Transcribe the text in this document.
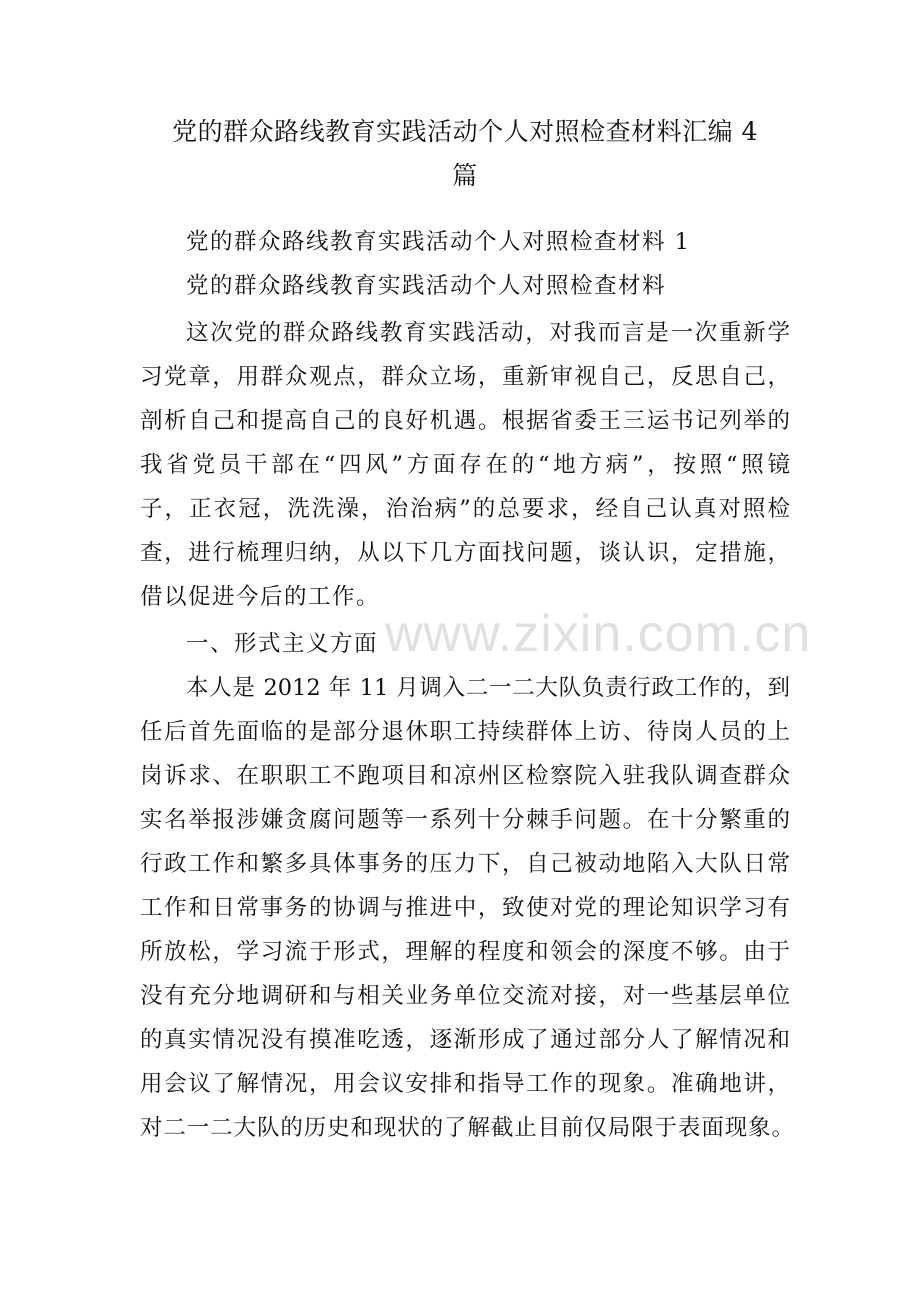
党的群众路线教育实践活动个人对照检查材料汇编 4
篇
党的群众路线教育实践活动个人对照检查材料 1
党的群众路线教育实践活动个人对照检查材料
这次党的群众路线教育实践活动，对我而言是一次重新学
习党章，用群众观点，群众立场，重新审视自己，反思自己，
剖析自己和提高自己的良好机遇。根据省委王三运书记列举的
我省党员干部在“四风”方面存在的“地方病”，按照“照镜
子，正衣冠，洗洗澡，治治病”的总要求，经自己认真对照检
查，进行梳理归纳，从以下几方面找问题，谈认识，定措施，
借以促进今后的工作。
一、形式主义方面
本人是 2012 年 11 月调入二一二大队负责行政工作的，到
任后首先面临的是部分退休职工持续群体上访、待岗人员的上
岗诉求、在职职工不跑项目和凉州区检察院入驻我队调查群众
实名举报涉嫌贪腐问题等一系列十分棘手问题。在十分繁重的
行政工作和繁多具体事务的压力下，自己被动地陷入大队日常
工作和日常事务的协调与推进中，致使对党的理论知识学习有
所放松，学习流于形式，理解的程度和领会的深度不够。由于
没有充分地调研和与相关业务单位交流对接，对一些基层单位
的真实情况没有摸准吃透，逐渐形成了通过部分人了解情况和
用会议了解情况，用会议安排和指导工作的现象。准确地讲，
对二一二大队的历史和现状的了解截止目前仅局限于表面现象。
www.zixin.com.cn
